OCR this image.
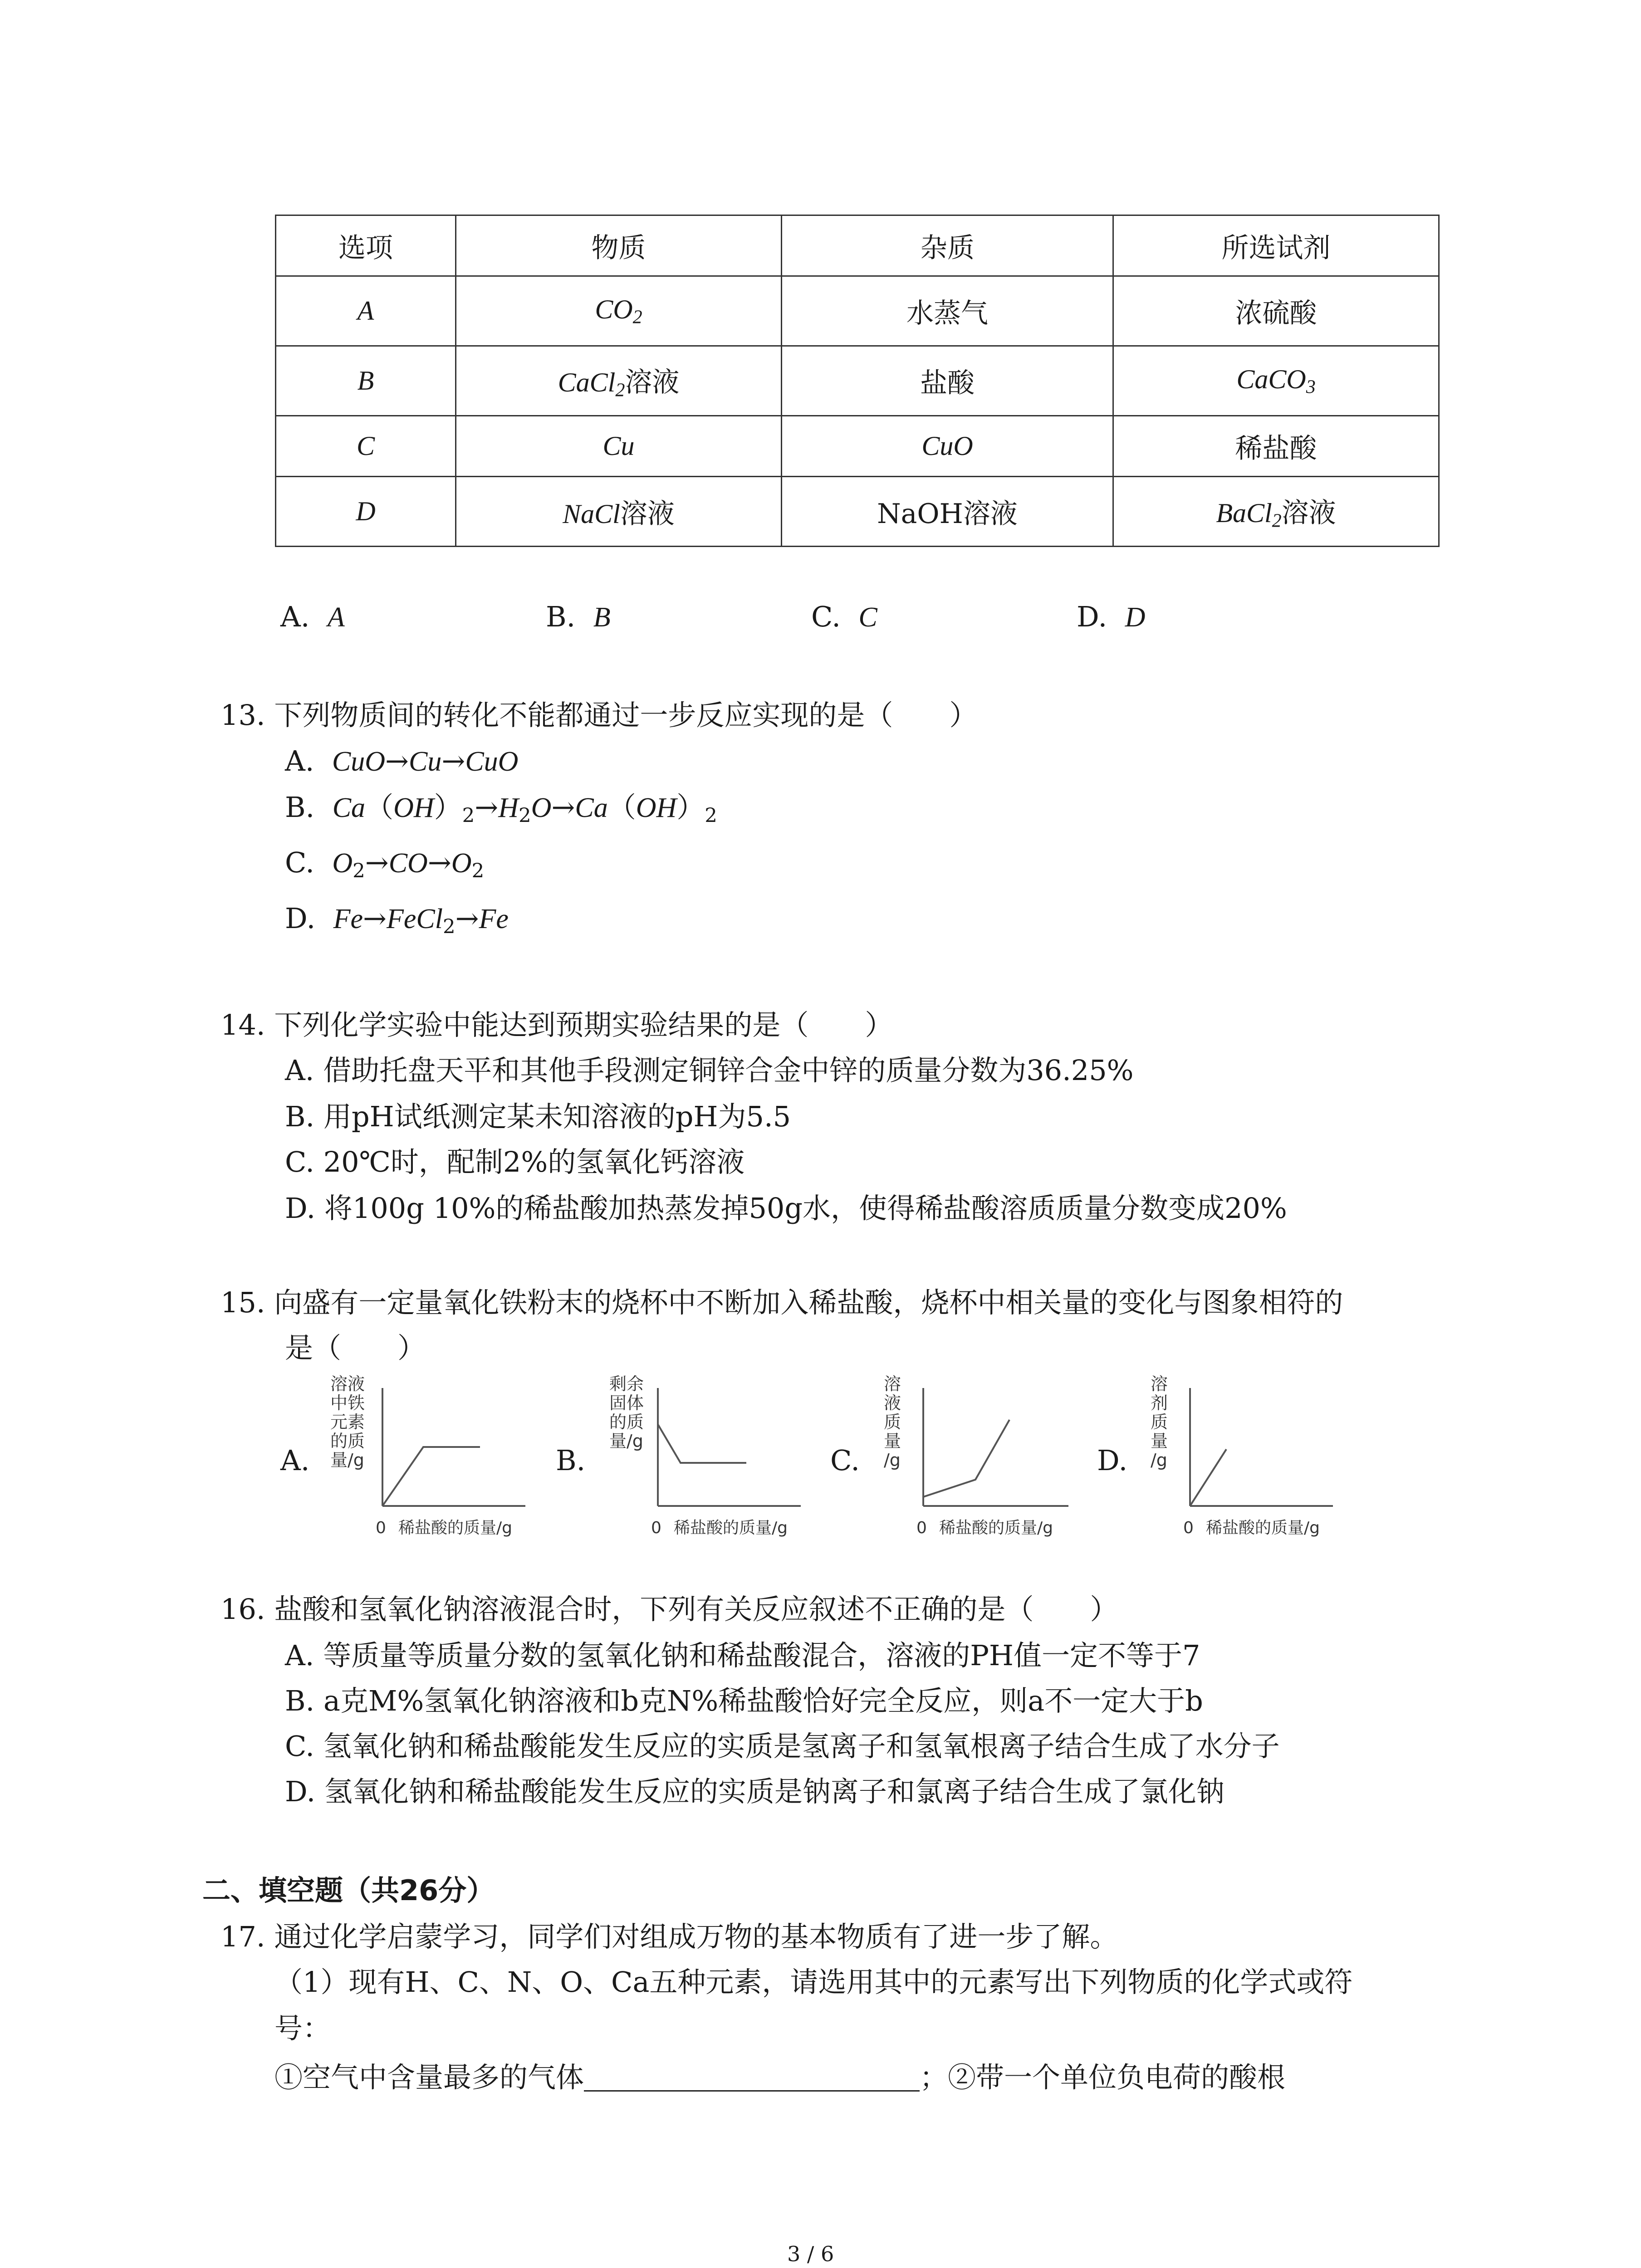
选项	物质	杂质	所选试剂
A	$CO_2$	水蒸气	浓硫酸
B	CaCl$_2$溶液	盐酸	CaCO$_3$
C	Cu	CuO	稀盐酸
D	NaCl溶液	NaOH溶液	BaCl$_2$溶液
A. A	B. B	C. C	D. D
13. 下列物质间的转化不能都通过一步反应实现的是（　　）
A. CuO→Cu→CuO
B. $Ca(OH)_2\to H_2O\to Ca(OH)_2$
C. $O_2\to CO\to O_2$
D. Fe→FeCl$_2$→Fe
14. 下列化学实验中能达到预期实验结果的是（　　）
A. 借助托盘天平和其他手段测定铜锌合金中锌的质量分数为36.25%
B. 用pH试纸测定某未知溶液的pH为5.5
C. 20℃时，配制2%的氢氧化钙溶液
D. 将100g 10%的稀盐酸加热蒸发掉50g水，使得稀盐酸溶质质量分数变成20%
15. 向盛有一定量氧化铁粉末的烧杯中不断加入稀盐酸，烧杯中相关量的变化与图象相符的
是（　　）
A.
溶液
中铁
元素
的质
量/g
0 稀盐酸的质量/g
B.
剩余
固体
的质
量/g
0 稀盐酸的质量/g
C.
溶
液
质
量
/g
0 稀盐酸的质量/g
D.
溶
剂
质
量
/g
0 稀盐酸的质量/g
16. 盐酸和氢氧化钠溶液混合时，下列有关反应叙述不正确的是（　　）
A. 等质量等质量分数的氢氧化钠和稀盐酸混合，溶液的PH值一定不等于7
B. a克M%氢氧化钠溶液和b克N%稀盐酸恰好完全反应，则a不一定大于b
C. 氢氧化钠和稀盐酸能发生反应的实质是氢离子和氢氧根离子结合生成了水分子
D. 氢氧化钠和稀盐酸能发生反应的实质是钠离子和氯离子结合生成了氯化钠
二、填空题（共26分）
17. 通过化学启蒙学习，同学们对组成万物的基本物质有了进一步了解。
（1）现有H、C、N、O、Ca五种元素，请选用其中的元素写出下列物质的化学式或符
号：
①空气中含量最多的气体	；②带一个单位负电荷的酸根
3 / 6
